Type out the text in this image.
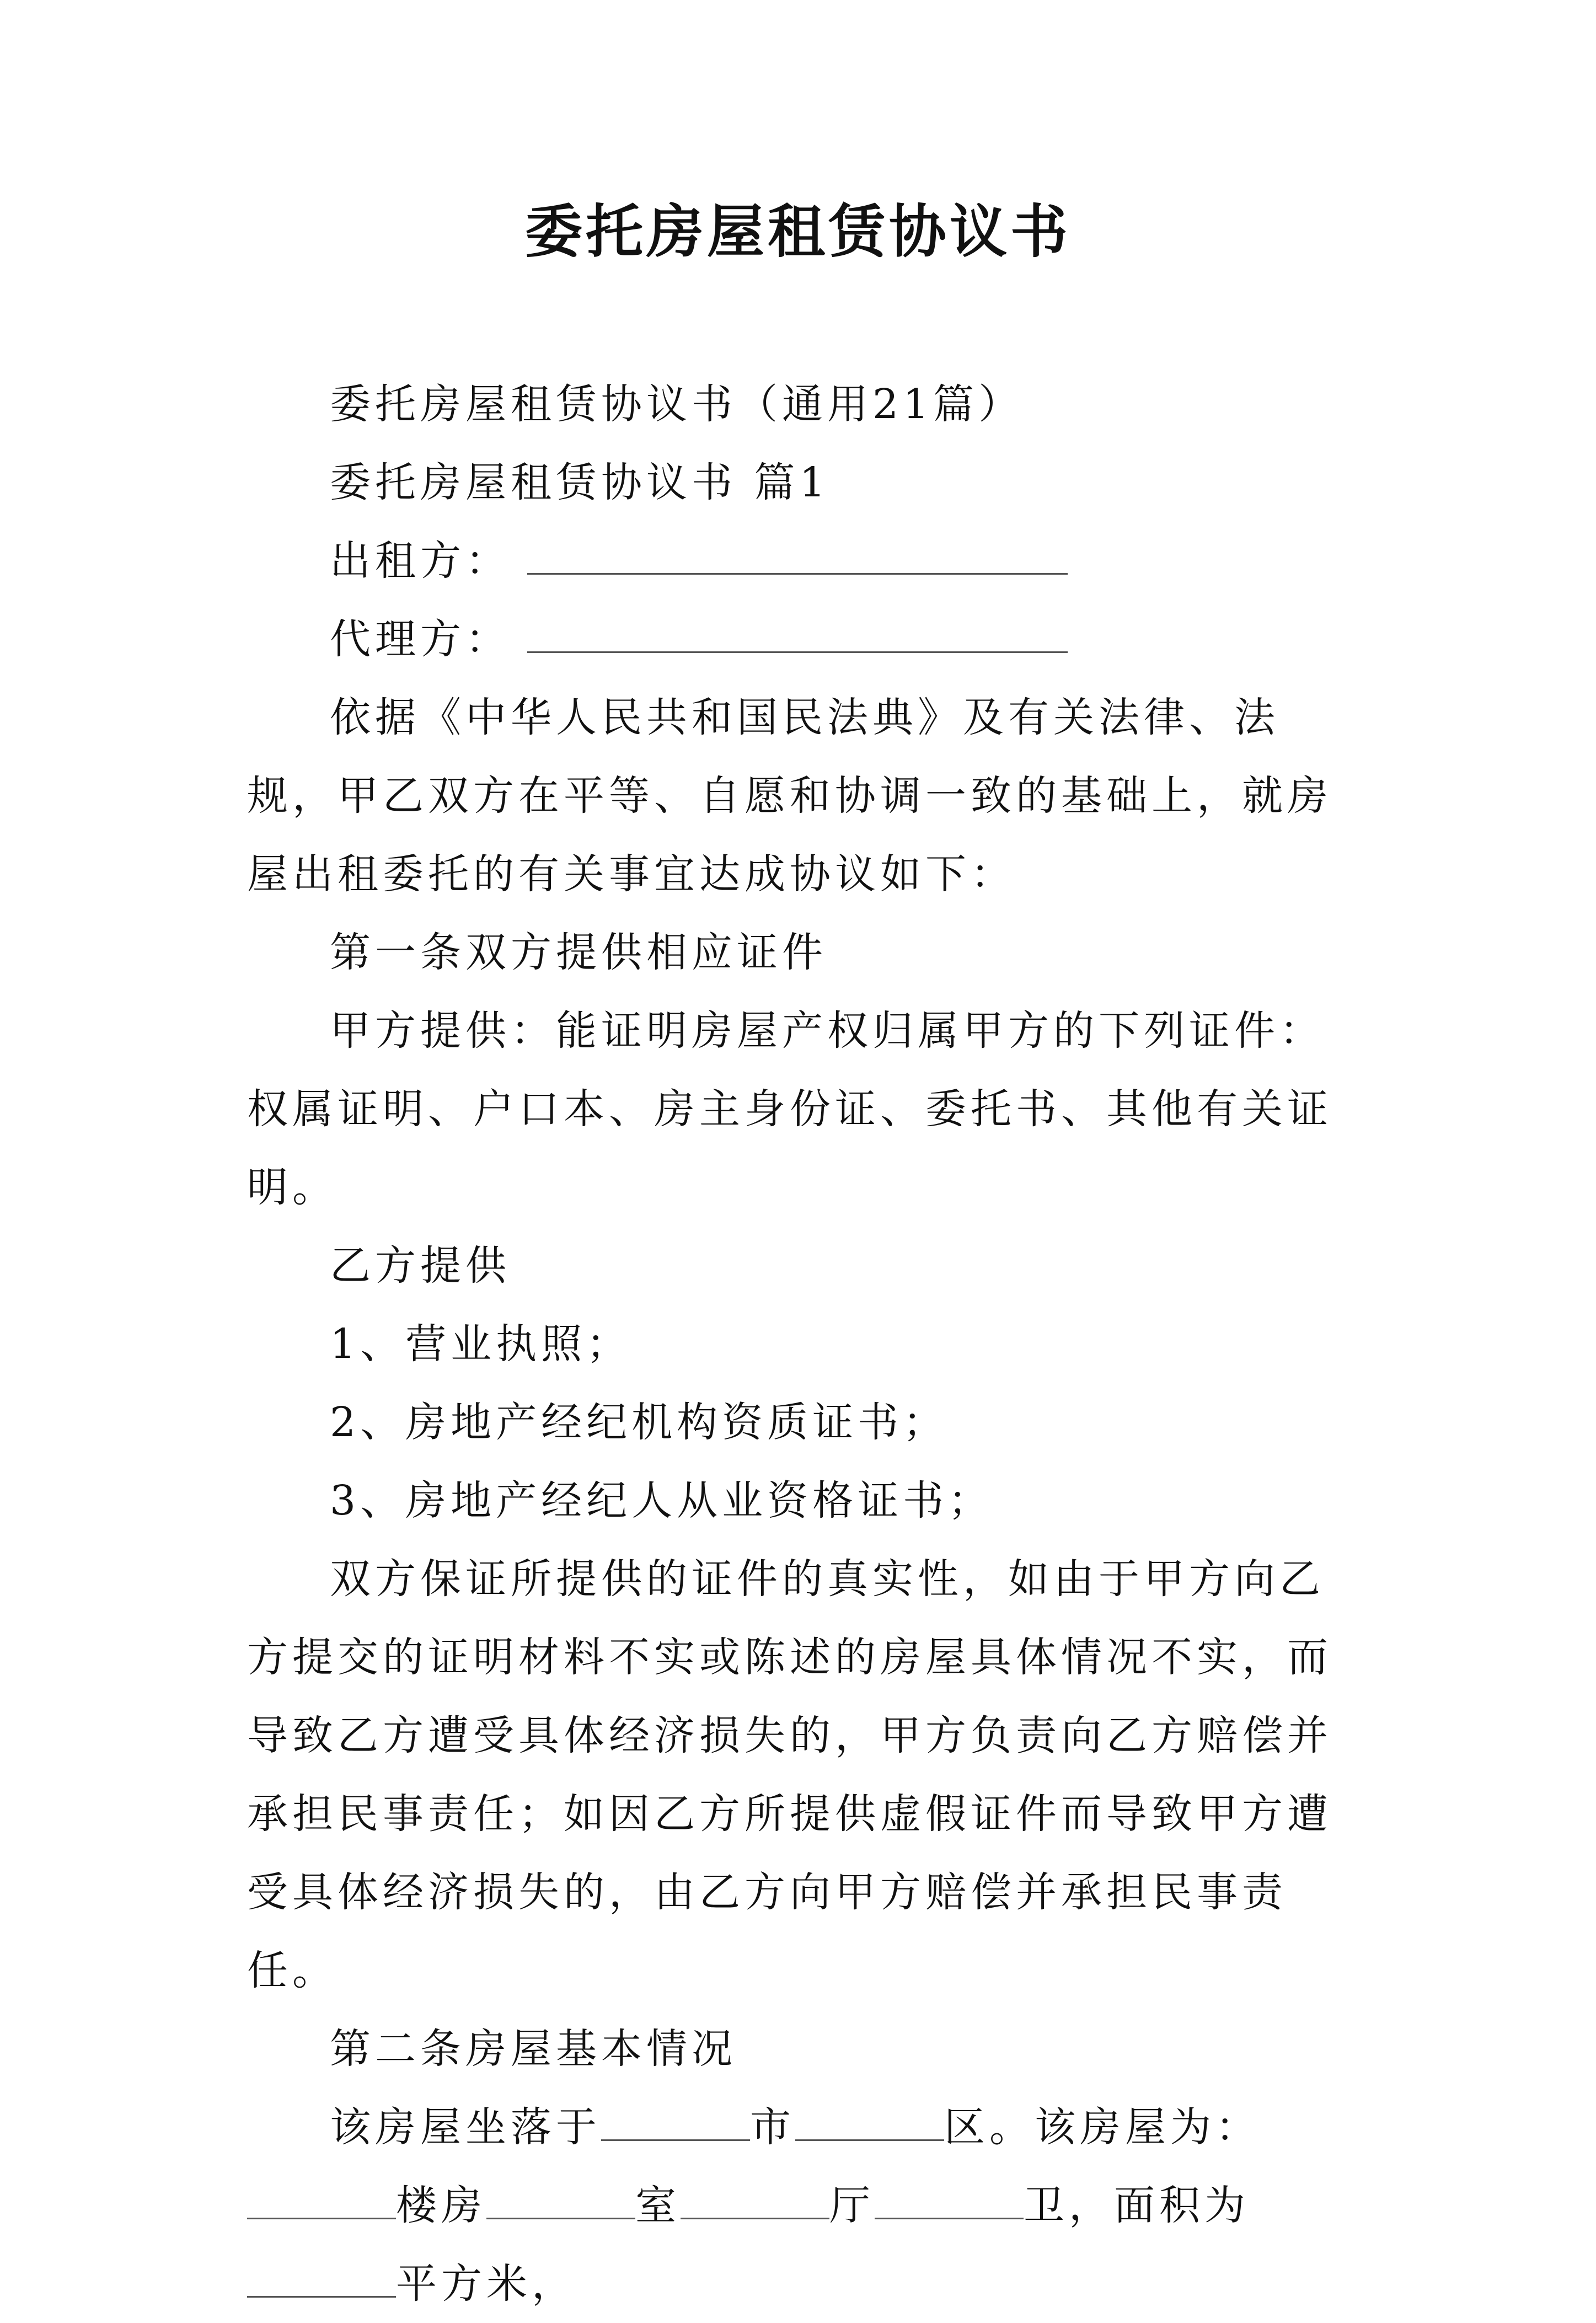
委托房屋租赁协议书

委托房屋租赁协议书（通用21篇）

委托房屋租赁协议书 篇1

出租方：

代理方：

依据《中华人民共和国民法典》及有关法律、法规，甲乙双方在平等、自愿和协调一致的基础上，就房屋出租委托的有关事宜达成协议如下：

第一条双方提供相应证件

甲方提供：能证明房屋产权归属甲方的下列证件：权属证明、户口本、房主身份证、委托书、其他有关证明。

乙方提供

1、营业执照；

2、房地产经纪机构资质证书；

3、房地产经纪人从业资格证书；

双方保证所提供的证件的真实性，如由于甲方向乙方提交的证明材料不实或陈述的房屋具体情况不实，而导致乙方遭受具体经济损失的，甲方负责向乙方赔偿并承担民事责任；如因乙方所提供虚假证件而导致甲方遭受具体经济损失的，由乙方向甲方赔偿并承担民事责任。

第二条房屋基本情况

该房屋坐落于	市	区。该房屋为：楼房	室	厅	卫，面积为平方米，
